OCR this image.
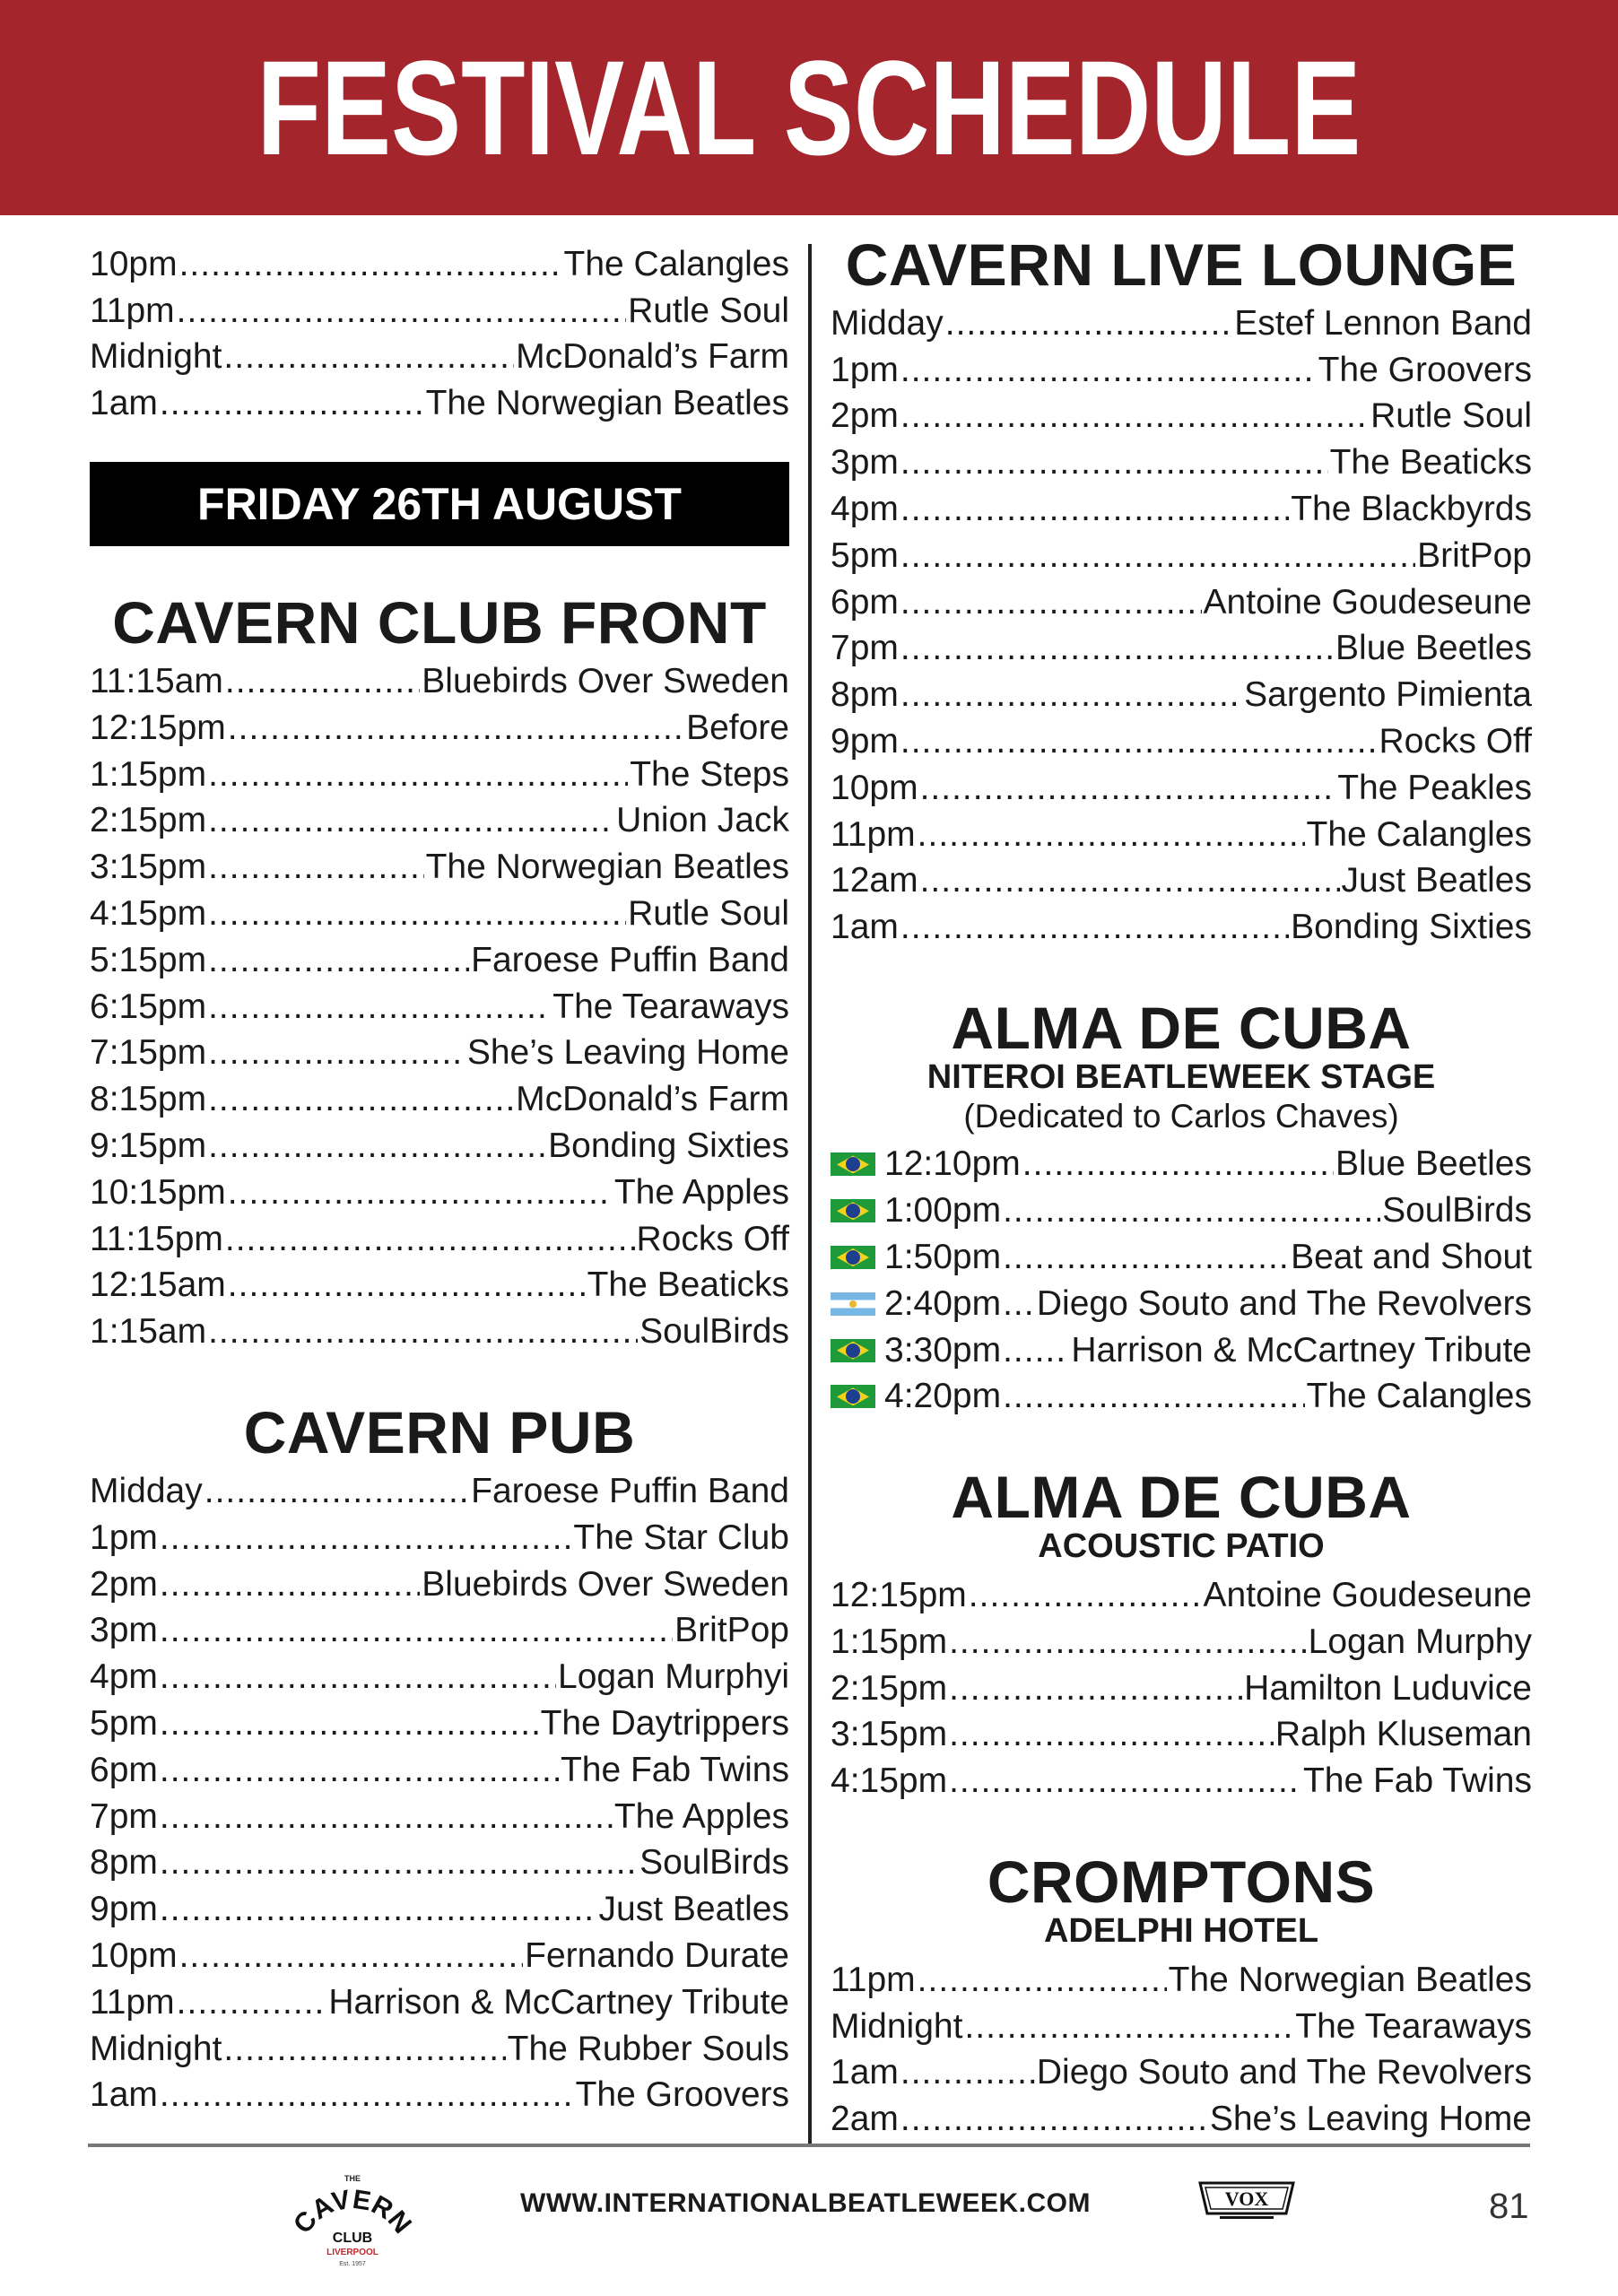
FESTIVAL SCHEDULE
10pm .....	The Calangles
11pm .....	Rutle Soul
Midnight .....	McDonald’s Farm
1am .....	The Norwegian Beatles
FRIDAY 26TH AUGUST
CAVERN CLUB FRONT
11:15am .....	Bluebirds Over Sweden
12:15pm .....	Before
1:15pm .....	The Steps
2:15pm .....	Union Jack
3:15pm .....	The Norwegian Beatles
4:15pm .....	Rutle Soul
5:15pm .....	Faroese Puffin Band
6:15pm .....	The Tearaways
7:15pm .....	She’s Leaving Home
8:15pm .....	McDonald’s Farm
9:15pm .....	Bonding Sixties
10:15pm .....	The Apples
11:15pm .....	Rocks Off
12:15am .....	The Beaticks
1:15am .....	SoulBirds
CAVERN PUB
Midday .....	Faroese Puffin Band
1pm .....	The Star Club
2pm .....	Bluebirds Over Sweden
3pm .....	BritPop
4pm .....	Logan Murphyi
5pm .....	The Daytrippers
6pm .....	The Fab Twins
7pm .....	The Apples
8pm .....	SoulBirds
9pm .....	Just Beatles
10pm .....	Fernando Durate
11pm .....	Harrison & McCartney Tribute
Midnight .....	The Rubber Souls
1am .....	The Groovers
CAVERN LIVE LOUNGE
Midday .....	Estef Lennon Band
1pm .....	The Groovers
2pm .....	Rutle Soul
3pm .....	The Beaticks
4pm .....	The Blackbyrds
5pm .....	BritPop
6pm .....	Antoine Goudeseune
7pm .....	Blue Beetles
8pm .....	Sargento Pimienta
9pm .....	Rocks Off
10pm .....	The Peakles
11pm .....	The Calangles
12am .....	Just Beatles
1am .....	Bonding Sixties
ALMA DE CUBA
NITEROI BEATLEWEEK STAGE
(Dedicated to Carlos Chaves)
12:10pm .....	Blue Beetles
1:00pm .....	SoulBirds
1:50pm .....	Beat and Shout
2:40pm ..... Diego Souto and The Revolvers
3:30pm ..... Harrison & McCartney Tribute
4:20pm .....	The Calangles
ALMA DE CUBA
ACOUSTIC PATIO
12:15pm .....	Antoine Goudeseune
1:15pm .....	Logan Murphy
2:15pm .....	Hamilton Luduvice
3:15pm .....	Ralph Kluseman
4:15pm .....	The Fab Twins
CROMPTONS
ADELPHI HOTEL
11pm .....	The Norwegian Beatles
Midnight .....	The Tearaways
1am .....	Diego Souto and The Revolvers
2am .....	She’s Leaving Home
THE
CAVERN
CLUB
LIVERPOOL
Est. 1957
WWW.INTERNATIONALBEATLEWEEK.COM	VOX	81
